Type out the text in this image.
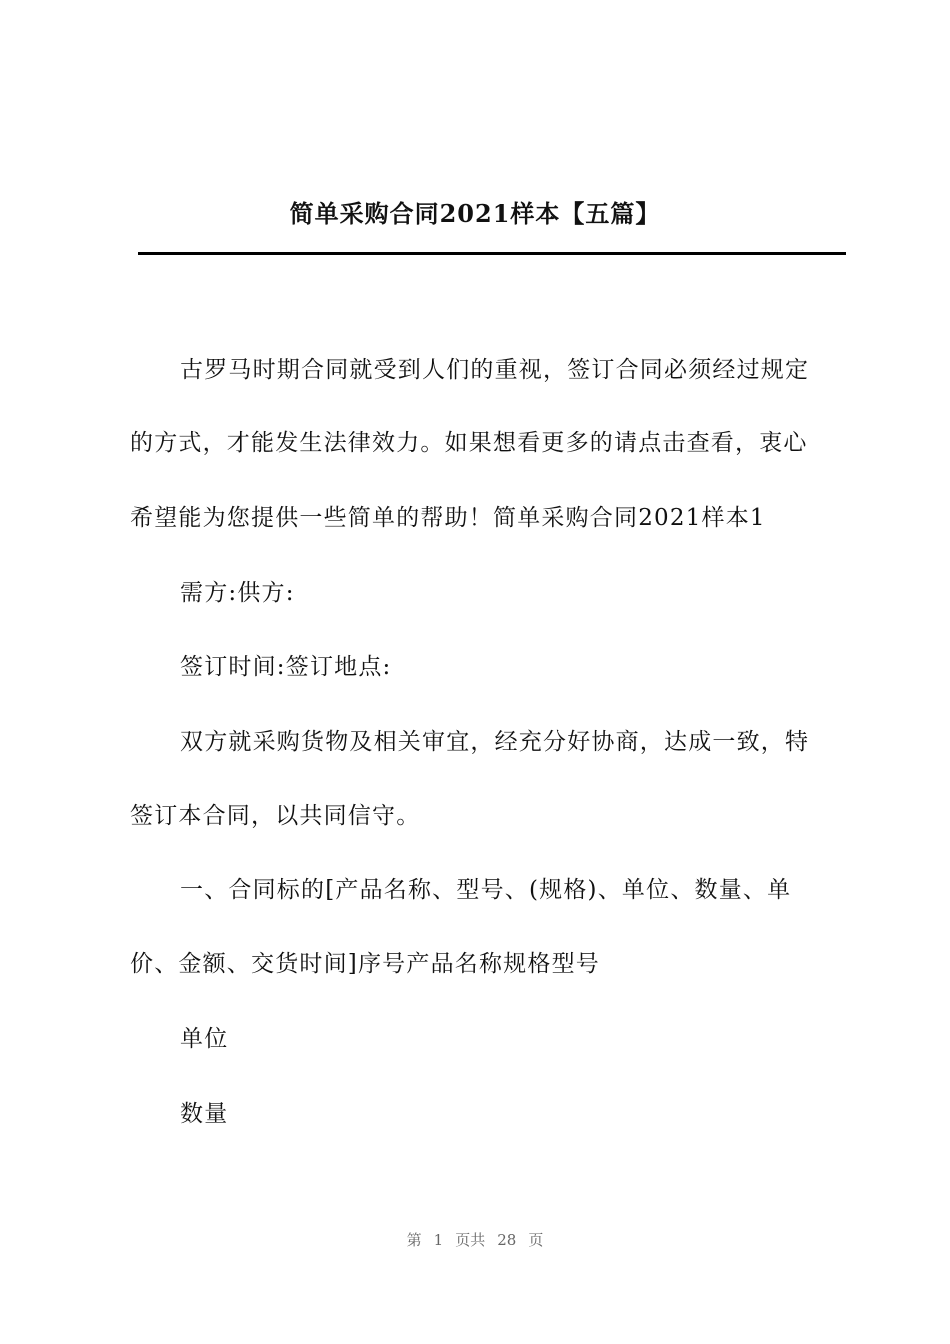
简单采购合同2021样本【五篇】
古罗马时期合同就受到人们的重视，签订合同必须经过规定
的方式，才能发生法律效力。如果想看更多的请点击查看，衷心
希望能为您提供一些简单的帮助！简单采购合同2021样本1
需方:供方:
签订时间:签订地点:
双方就采购货物及相关审宜，经充分好协商，达成一致，特
签订本合同，以共同信守。
一、合同标的[产品名称、型号、(规格)、单位、数量、单
价、金额、交货时间]序号产品名称规格型号
单位
数量
第 1 页共 28 页
